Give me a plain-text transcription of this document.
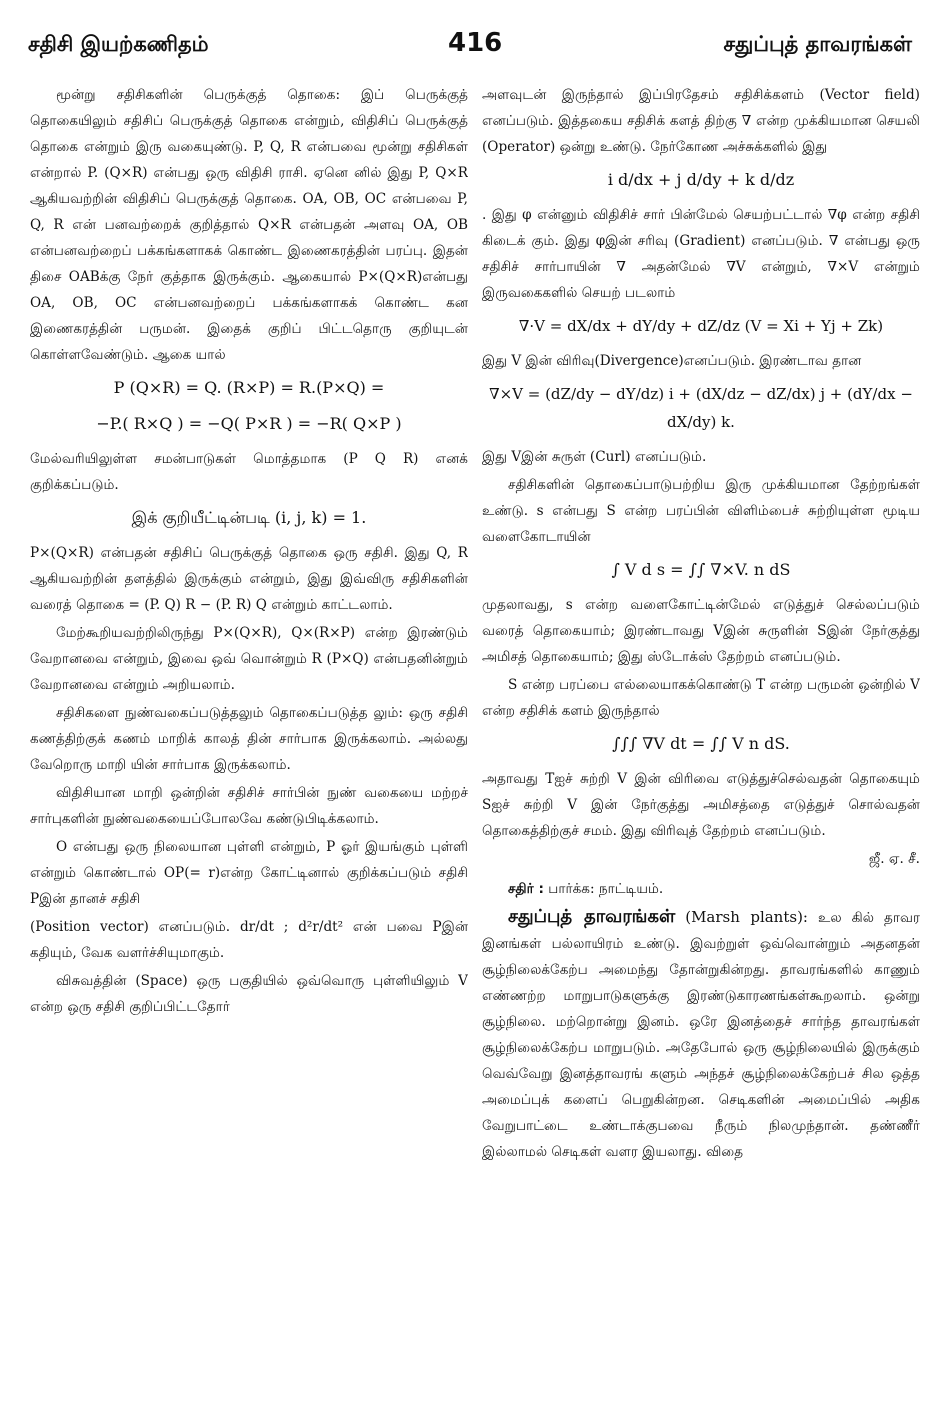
சதிசி இயற்கணிதம்	416	சதுப்புத் தாவரங்கள்

மூன்று சதிசிகளின் பெருக்குத் தொகை: இப் பெருக்குத் தொகையிலும் சதிசிப் பெருக்குத் தொகை என்றும், விதிசிப் பெருக்குத் தொகை என்றும் இரு வகையுண்டு. P, Q, R என்பவை மூன்று சதிசிகள் என்றால் P. (Q×R) என்பது ஒரு விதிசி ராசி. ஏனெ னில் இது P, Q×R ஆகியவற்றின் விதிசிப் பெருக்குத் தொகை. OA, OB, OC என்பவை P, Q, R என் பனவற்றைக் குறித்தால் Q×R என்பதன் அளவு OA, OB என்பனவற்றைப் பக்கங்களாகக் கொண்ட இணைகரத்தின் பரப்பு. இதன் திசை OABக்கு நேர் குத்தாக இருக்கும். ஆகையால் P×(Q×R)என்பது OA, OB, OC என்பனவற்றைப் பக்கங்களாகக் கொண்ட கன இணைகரத்தின் பருமன். இதைக் குறிப் பிட்டதொரு குறியுடன் கொள்ளவேண்டும். ஆகை யால்

P (Q×R) = Q. (R×P) = R.(P×Q) =
−P.( R×Q ) = −Q( P×R ) = −R( Q×P )

மேல்வரியிலுள்ள சமன்பாடுகள் மொத்தமாக (P Q R) எனக் குறிக்கப்படும்.

இக் குறியீட்டின்படி (i, j, k) = 1.

P×(Q×R) என்பதன் சதிசிப் பெருக்குத் தொகை ஒரு சதிசி. இது Q, R ஆகியவற்றின் தளத்தில் இருக்கும் என்றும், இது இவ்விரு சதிசிகளின் வரைத் தொகை = (P. Q) R − (P. R) Q என்றும் காட்டலாம்.

மேற்கூறியவற்றிலிருந்து P×(Q×R), Q×(R×P) என்ற இரண்டும் வேறானவை என்றும், இவை ஒவ் வொன்றும் R (P×Q) என்பதனின்றும் வேறானவை என்றும் அறியலாம்.

சதிசிகளை நுண்வகைப்படுத்தலும் தொகைப்படுத்த லும்: ஒரு சதிசி கணத்திற்குக் கணம் மாறிக் காலத் தின் சார்பாக இருக்கலாம். அல்லது வேறொரு மாறி யின் சார்பாக இருக்கலாம்.

விதிசியான மாறி ஒன்றின் சதிசிச் சார்பின் நுண் வகையை மற்றச் சார்புகளின் நுண்வகையைப்போலவே கண்டுபிடிக்கலாம்.

O என்பது ஒரு நிலையான புள்ளி என்றும், P ஓர் இயங்கும் புள்ளி என்றும் கொண்டால் OP(= r)என்ற கோட்டினால் குறிக்கப்படும் சதிசி Pஇன் தானச் சதிசி

(Position vector) எனப்படும். dr/dt ; d²r/dt² என் பவை Pஇன் கதியும், வேக வளர்ச்சியுமாகும்.

விசுவத்தின் (Space) ஒரு பகுதியில் ஒவ்வொரு புள்ளியிலும் V என்ற ஒரு சதிசி குறிப்பிட்டதோர்

அளவுடன் இருந்தால் இப்பிரதேசம் சதிசிக்களம் (Vector field) எனப்படும். இத்தகைய சதிசிக் களத் திற்கு ∇ என்ற முக்கியமான செயலி (Operator) ஒன்று உண்டு. நேர்கோண அச்சுக்களில் இது

i d/dx + j d/dy + k d/dz

. இது φ என்னும் விதிசிச் சார் பின்மேல் செயற்பட்டால் ∇φ என்ற சதிசி கிடைக் கும். இது φஇன் சரிவு (Gradient) எனப்படும். ∇ என்பது ஒரு சதிசிச் சார்பாயின் ∇ அதன்மேல் ∇V என்றும், ∇×V என்றும் இருவகைகளில் செயற் படலாம்

∇·V = dX/dx + dY/dy + dZ/dz (V = Xi + Yj + Zk)

இது V இன் விரிவு(Divergence)எனப்படும். இரண்டாவ தான

∇×V = (dZ/dy − dY/dz) i + (dX/dz − dZ/dx) j + (dY/dx − dX/dy) k.

இது Vஇன் சுருள் (Curl) எனப்படும்.

சதிசிகளின் தொகைப்பாடுபற்றிய இரு முக்கியமான தேற்றங்கள் உண்டு. s என்பது S என்ற பரப்பின் விளிம்பைச் சுற்றியுள்ள மூடிய வளைகோடாயின்

∫ V d s = ∫∫ ∇×V. n dS

முதலாவது, s என்ற வளைகோட்டின்மேல் எடுத்துச் செல்லப்படும் வரைத் தொகையாம்; இரண்டாவது Vஇன் சுருளின் Sஇன் நேர்குத்து அமிசத் தொகையாம்; இது ஸ்டோக்ஸ் தேற்றம் எனப்படும்.

S என்ற பரப்பை எல்லையாகக்கொண்டு T என்ற பருமன் ஒன்றில் V என்ற சதிசிக் களம் இருந்தால்

∫∫∫ ∇V dt = ∫∫ V n dS.

அதாவது Tஐச் சுற்றி V இன் விரிவை எடுத்துச்செல்வதன் தொகையும் Sஐச் சுற்றி V இன் நேர்குத்து அமிசத்தை எடுத்துச் சொல்வதன் தொகைத்திற்குச் சமம். இது விரிவுத் தேற்றம் எனப்படும்.

ஜீ. ஏ. சீ.

சதிர் : பார்க்க: நாட்டியம்.

சதுப்புத் தாவரங்கள் (Marsh plants): உல கில் தாவர இனங்கள் பல்லாயிரம் உண்டு. இவற்றுள் ஒவ்வொன்றும் அதனதன் சூழ்நிலைக்கேற்ப அமைந்து தோன்றுகின்றது. தாவரங்களில் காணும் எண்ணற்ற மாறுபாடுகளுக்கு இரண்டுகாரணங்கள்கூறலாம். ஒன்று சூழ்நிலை. மற்றொன்று இனம். ஒரே இனத்தைச் சார்ந்த தாவரங்கள் சூழ்நிலைக்கேற்ப மாறுபடும். அதேபோல் ஒரு சூழ்நிலையில் இருக்கும் வெவ்வேறு இனத்தாவரங் களும் அந்தச் சூழ்நிலைக்கேற்பச் சில ஒத்த அமைப்புக் களைப் பெறுகின்றன. செடிகளின் அமைப்பில் அதிக வேறுபாட்டை உண்டாக்குபவை நீரும் நிலமுந்தான். தண்ணீர் இல்லாமல் செடிகள் வளர இயலாது. விதை
